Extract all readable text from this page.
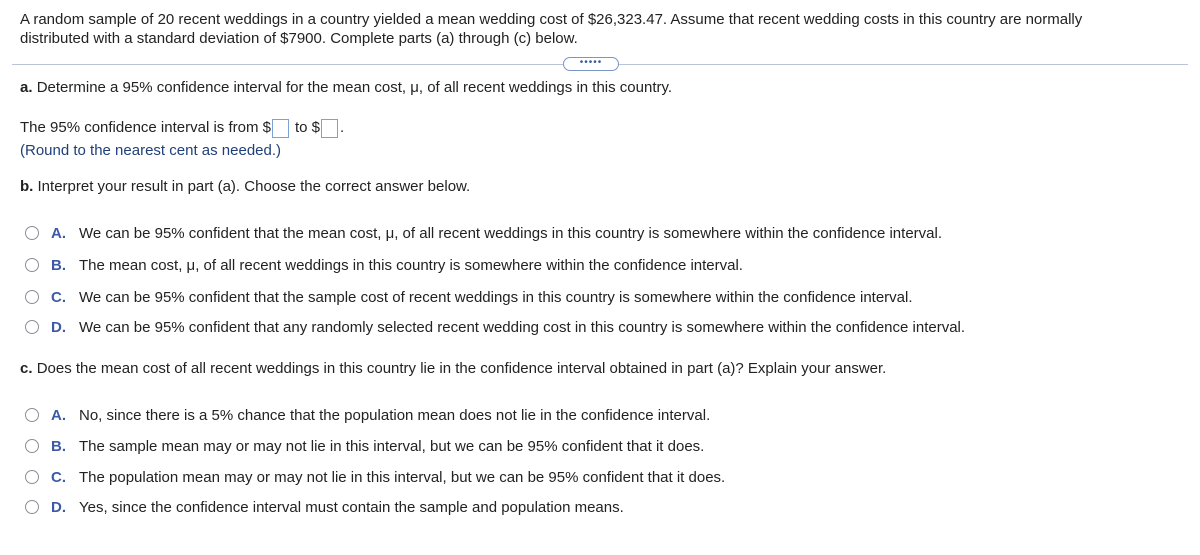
A random sample of 20 recent weddings in a country yielded a mean wedding cost of $26,323.47. Assume that recent wedding costs in this country are normally
distributed with a standard deviation of $7900. Complete parts (a) through (c) below.
•••••
a. Determine a 95% confidence interval for the mean cost, μ, of all recent weddings in this country.
The 95% confidence interval is from $ to $ .
(Round to the nearest cent as needed.)
b. Interpret your result in part (a). Choose the correct answer below.
A. We can be 95% confident that the mean cost, μ, of all recent weddings in this country is somewhere within the confidence interval.
B. The mean cost, μ, of all recent weddings in this country is somewhere within the confidence interval.
C. We can be 95% confident that the sample cost of recent weddings in this country is somewhere within the confidence interval.
D. We can be 95% confident that any randomly selected recent wedding cost in this country is somewhere within the confidence interval.
c. Does the mean cost of all recent weddings in this country lie in the confidence interval obtained in part (a)? Explain your answer.
A. No, since there is a 5% chance that the population mean does not lie in the confidence interval.
B. The sample mean may or may not lie in this interval, but we can be 95% confident that it does.
C. The population mean may or may not lie in this interval, but we can be 95% confident that it does.
D. Yes, since the confidence interval must contain the sample and population means.
